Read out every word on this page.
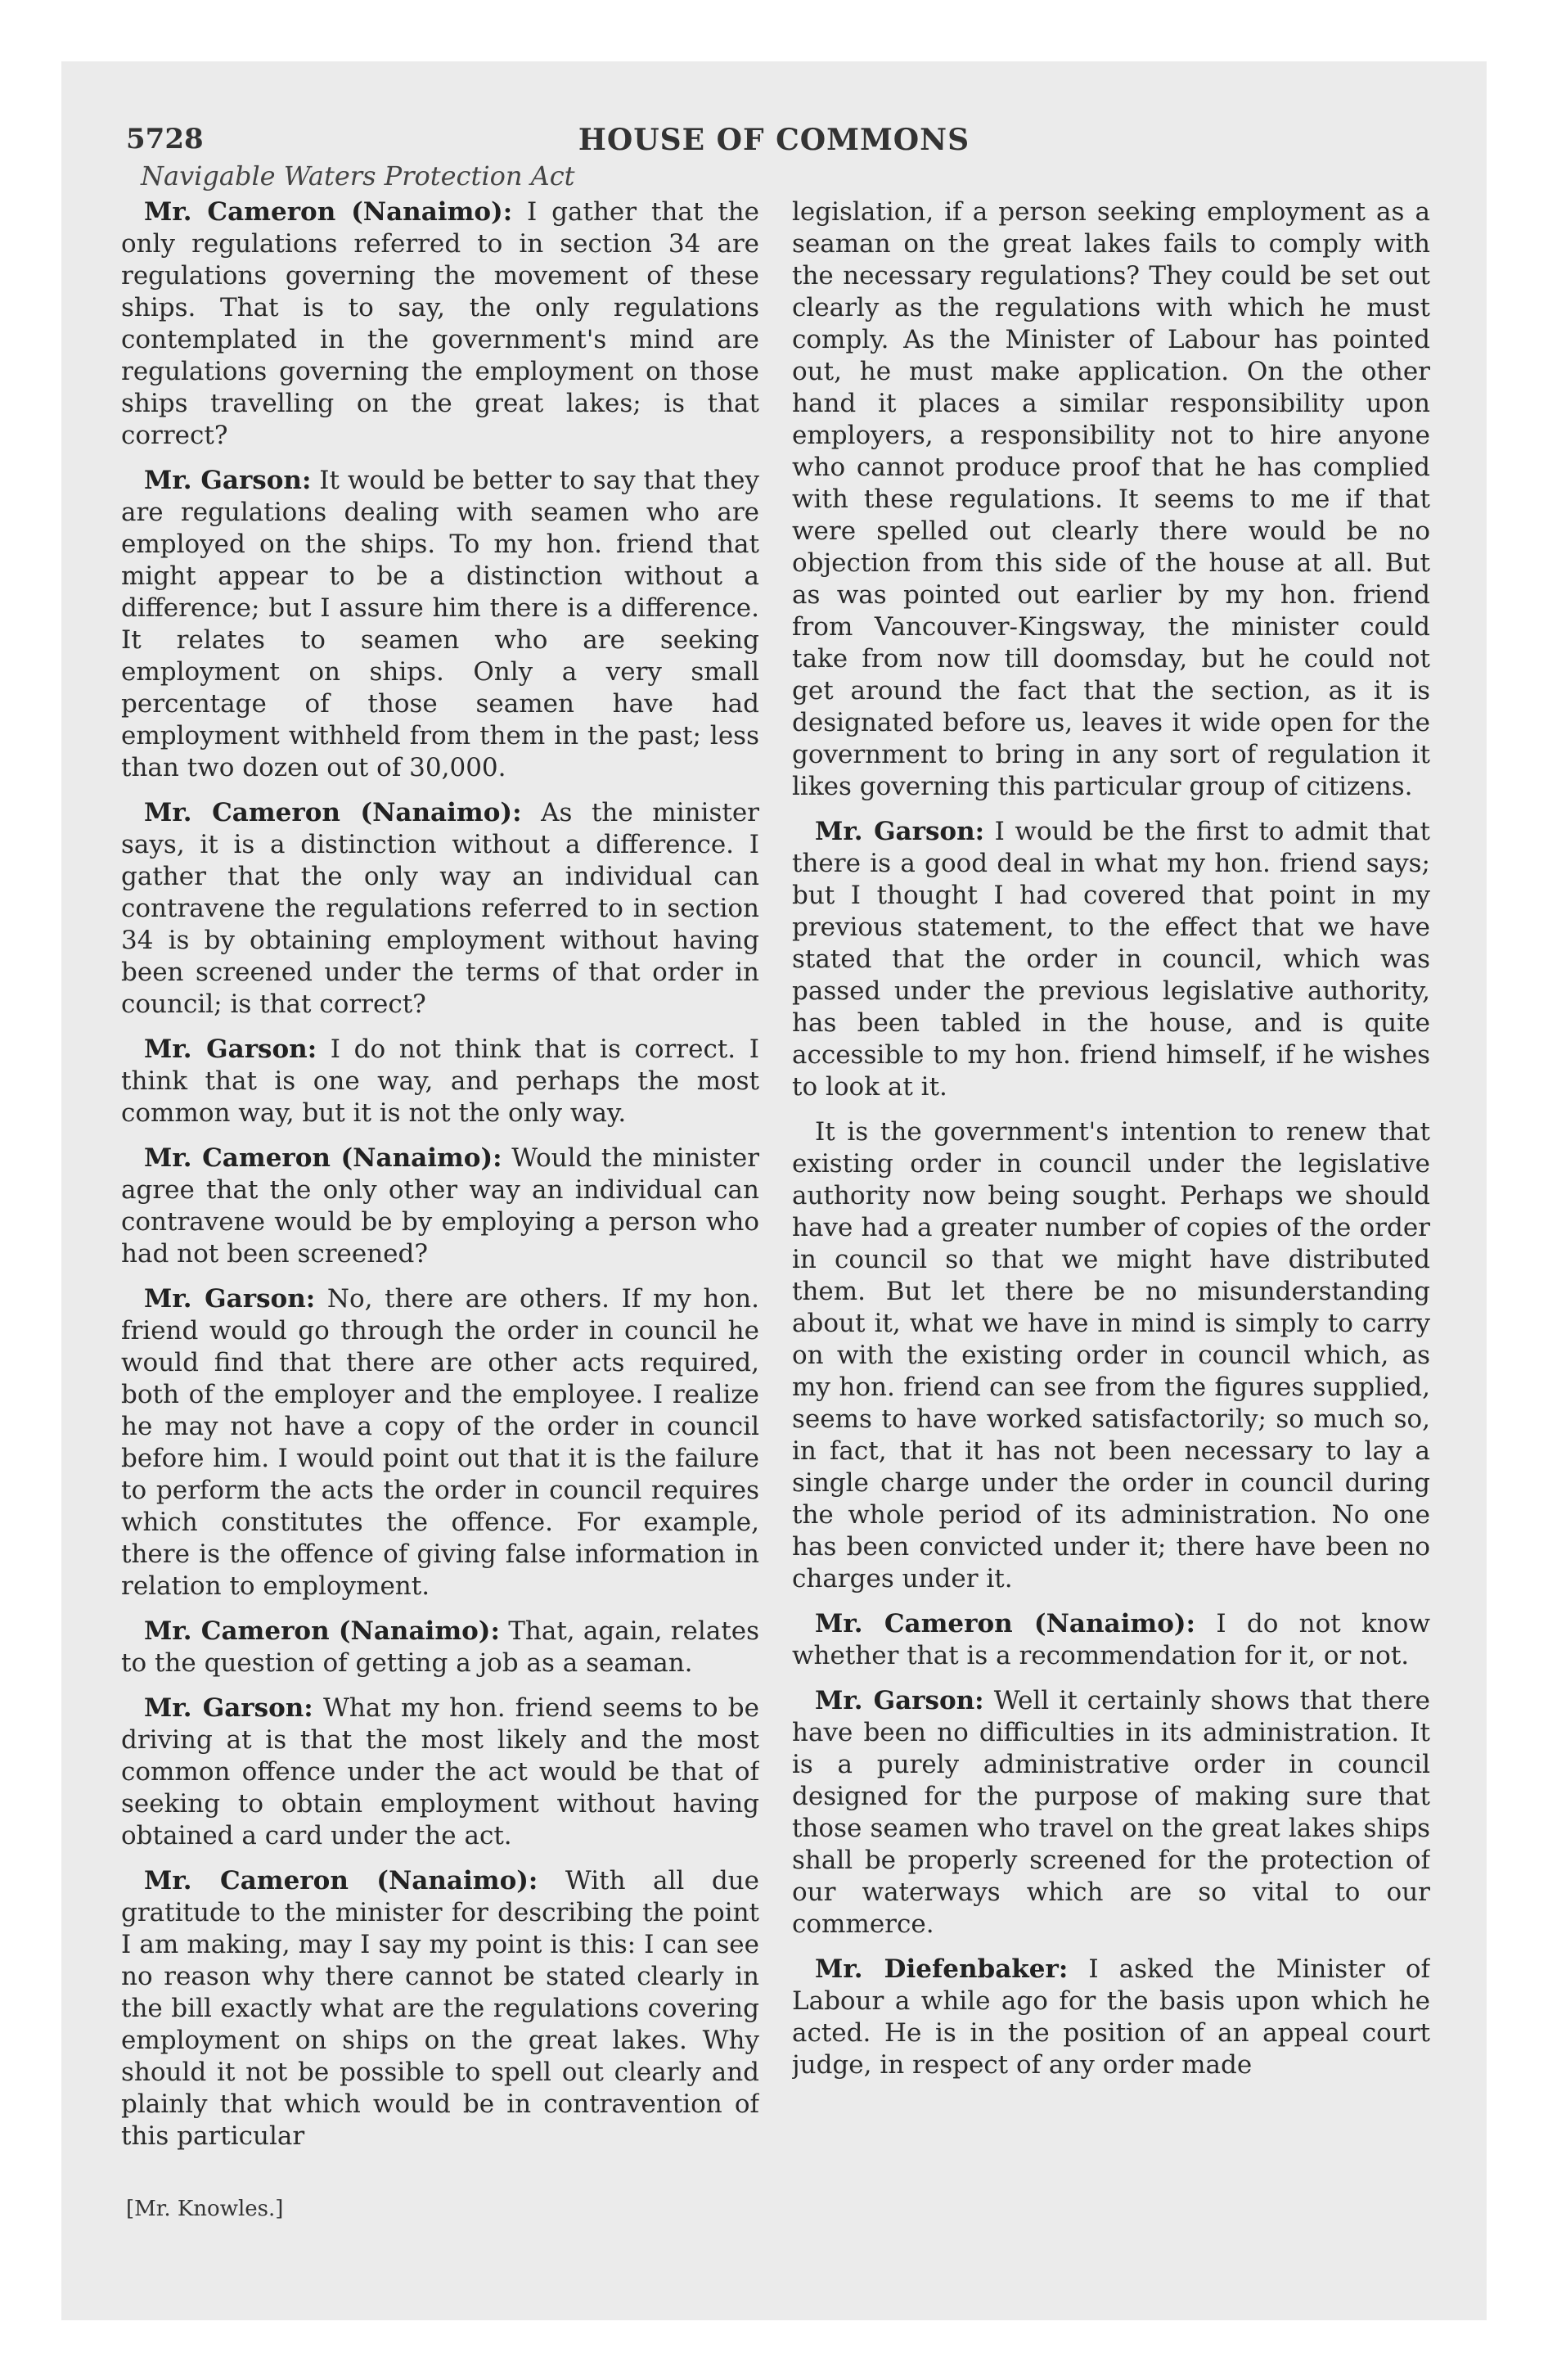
5728	HOUSE OF COMMONS
Navigable Waters Protection Act

Mr. Cameron (Nanaimo): I gather that the only regulations referred to in section 34 are regulations governing the movement of these ships. That is to say, the only regulations contemplated in the government's mind are regulations governing the employment on those ships travelling on the great lakes; is that correct?

Mr. Garson: It would be better to say that they are regulations dealing with seamen who are employed on the ships. To my hon. friend that might appear to be a distinction without a difference; but I assure him there is a difference. It relates to seamen who are seeking employment on ships. Only a very small percentage of those seamen have had employment withheld from them in the past; less than two dozen out of 30,000.

Mr. Cameron (Nanaimo): As the minister says, it is a distinction without a difference. I gather that the only way an individual can contravene the regulations referred to in section 34 is by obtaining employment without having been screened under the terms of that order in council; is that correct?

Mr. Garson: I do not think that is correct. I think that is one way, and perhaps the most common way, but it is not the only way.

Mr. Cameron (Nanaimo): Would the minister agree that the only other way an individual can contravene would be by employing a person who had not been screened?

Mr. Garson: No, there are others. If my hon. friend would go through the order in council he would find that there are other acts required, both of the employer and the employee. I realize he may not have a copy of the order in council before him. I would point out that it is the failure to perform the acts the order in council requires which constitutes the offence. For example, there is the offence of giving false information in relation to employment.

Mr. Cameron (Nanaimo): That, again, relates to the question of getting a job as a seaman.

Mr. Garson: What my hon. friend seems to be driving at is that the most likely and the most common offence under the act would be that of seeking to obtain employment without having obtained a card under the act.

Mr. Cameron (Nanaimo): With all due gratitude to the minister for describing the point I am making, may I say my point is this: I can see no reason why there cannot be stated clearly in the bill exactly what are the regulations covering employment on ships on the great lakes. Why should it not be possible to spell out clearly and plainly that which would be in contravention of this particular

legislation, if a person seeking employment as a seaman on the great lakes fails to comply with the necessary regulations? They could be set out clearly as the regulations with which he must comply. As the Minister of Labour has pointed out, he must make application. On the other hand it places a similar responsibility upon employers, a responsibility not to hire anyone who cannot produce proof that he has complied with these regulations. It seems to me if that were spelled out clearly there would be no objection from this side of the house at all. But as was pointed out earlier by my hon. friend from Vancouver-Kingsway, the minister could take from now till doomsday, but he could not get around the fact that the section, as it is designated before us, leaves it wide open for the government to bring in any sort of regulation it likes governing this particular group of citizens.

Mr. Garson: I would be the first to admit that there is a good deal in what my hon. friend says; but I thought I had covered that point in my previous statement, to the effect that we have stated that the order in council, which was passed under the previous legislative authority, has been tabled in the house, and is quite accessible to my hon. friend himself, if he wishes to look at it.

It is the government's intention to renew that existing order in council under the legislative authority now being sought. Perhaps we should have had a greater number of copies of the order in council so that we might have distributed them. But let there be no misunderstanding about it, what we have in mind is simply to carry on with the existing order in council which, as my hon. friend can see from the figures supplied, seems to have worked satisfactorily; so much so, in fact, that it has not been necessary to lay a single charge under the order in council during the whole period of its administration. No one has been convicted under it; there have been no charges under it.

Mr. Cameron (Nanaimo): I do not know whether that is a recommendation for it, or not.

Mr. Garson: Well it certainly shows that there have been no difficulties in its administration. It is a purely administrative order in council designed for the purpose of making sure that those seamen who travel on the great lakes ships shall be properly screened for the protection of our waterways which are so vital to our commerce.

Mr. Diefenbaker: I asked the Minister of Labour a while ago for the basis upon which he acted. He is in the position of an appeal court judge, in respect of any order made

[Mr. Knowles.]
